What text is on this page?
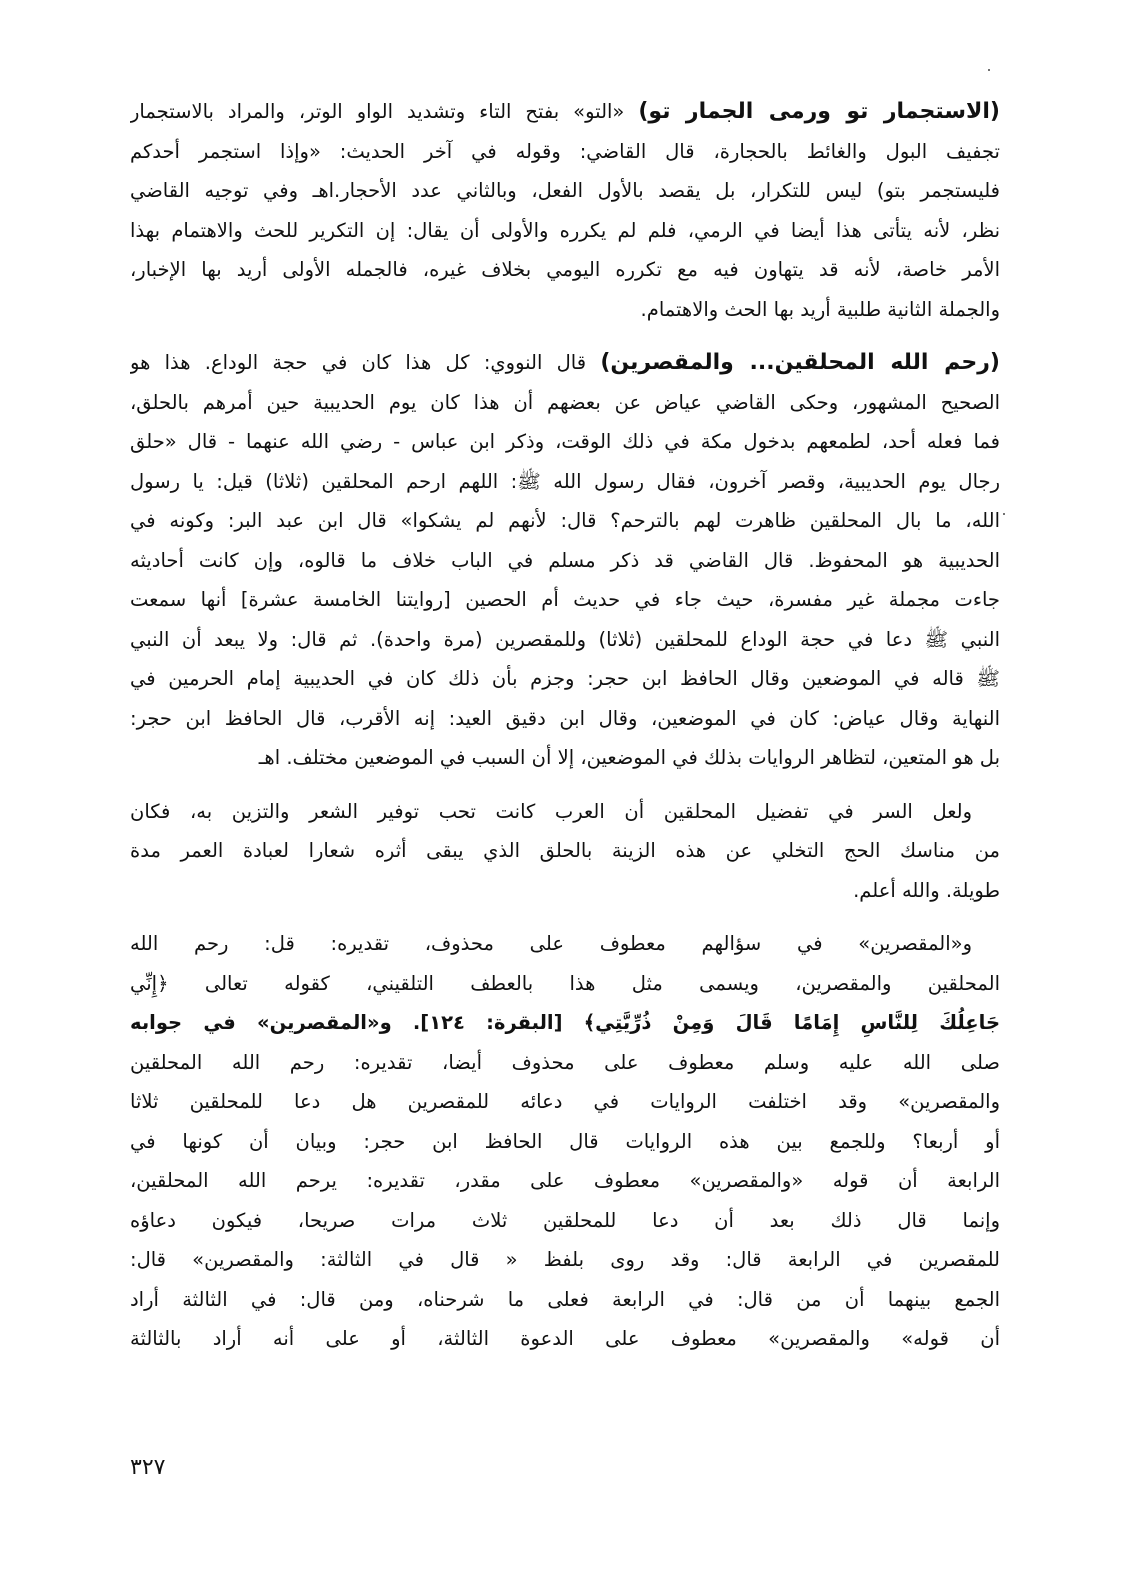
(الاستجمار تو ورمى الجمار تو) «التو» بفتح التاء وتشديد الواو الوتر، والمراد بالاستجمار
تجفيف البول والغائط بالحجارة، قال القاضي: وقوله في آخر الحديث: «وإذا استجمر أحدكم
فليستجمر بتو) ليس للتكرار، بل يقصد بالأول الفعل، وبالثاني عدد الأحجار.اهـ وفي توجيه القاضي
نظر، لأنه يتأتى هذا أيضا في الرمي، فلم لم يكرره والأولى أن يقال: إن التكرير للحث والاهتمام بهذا
الأمر خاصة، لأنه قد يتهاون فيه مع تكرره اليومي بخلاف غيره، فالجمله الأولى أريد بها الإخبار،
والجملة الثانية طلبية أريد بها الحث والاهتمام.
(رحم الله المحلقين... والمقصرين) قال النووي: كل هذا كان في حجة الوداع. هذا هو
الصحيح المشهور، وحكى القاضي عياض عن بعضهم أن هذا كان يوم الحديبية حين أمرهم بالحلق،
فما فعله أحد، لطمعهم بدخول مكة في ذلك الوقت، وذكر ابن عباس - رضي الله عنهما - قال «حلق
رجال يوم الحديبية، وقصر آخرون، فقال رسول الله ﷺ: اللهم ارحم المحلقين (ثلاثا) قيل: يا رسول
الله، ما بال المحلقين ظاهرت لهم بالترحم؟ قال: لأنهم لم يشكوا» قال ابن عبد البر: وكونه في
الحديبية هو المحفوظ. قال القاضي قد ذكر مسلم في الباب خلاف ما قالوه، وإن كانت أحاديثه
جاءت مجملة غير مفسرة، حيث جاء في حديث أم الحصين [روايتنا الخامسة عشرة] أنها سمعت
النبي ﷺ دعا في حجة الوداع للمحلقين (ثلاثا) وللمقصرين (مرة واحدة). ثم قال: ولا يبعد أن النبي
ﷺ قاله في الموضعين وقال الحافظ ابن حجر: وجزم بأن ذلك كان في الحديبية إمام الحرمين في
النهاية وقال عياض: كان في الموضعين، وقال ابن دقيق العيد: إنه الأقرب، قال الحافظ ابن حجر:
بل هو المتعين، لتظاهر الروايات بذلك في الموضعين، إلا أن السبب في الموضعين مختلف. اهـ
ولعل السر في تفضيل المحلقين أن العرب كانت تحب توفير الشعر والتزين به، فكان
من مناسك الحج التخلي عن هذه الزينة بالحلق الذي يبقى أثره شعارا لعبادة العمر مدة
طويلة. والله أعلم.
و«المقصرين» في سؤالهم معطوف على محذوف، تقديره: قل: رحم الله
المحلقين والمقصرين، ويسمى مثل هذا بالعطف التلقيني، كقوله تعالى ﴿إِنِّي
جَاعِلُكَ لِلنَّاسِ إِمَامًا قَالَ وَمِنْ ذُرِّيَّتِي﴾ [البقرة: ١٢٤]. و«المقصرين» في جوابه
صلى الله عليه وسلم معطوف على محذوف أيضا، تقديره: رحم الله المحلقين
والمقصرين» وقد اختلفت الروايات في دعائه للمقصرين هل دعا للمحلقين ثلاثا
أو أربعا؟ وللجمع بين هذه الروايات قال الحافظ ابن حجر: وبيان أن كونها في
الرابعة أن قوله «والمقصرين» معطوف على مقدر، تقديره: يرحم الله المحلقين،
وإنما قال ذلك بعد أن دعا للمحلقين ثلاث مرات صريحا، فيكون دعاؤه
للمقصرين في الرابعة قال: وقد روى بلفظ « قال في الثالثة: والمقصرين» قال:
الجمع بينهما أن من قال: في الرابعة فعلى ما شرحناه، ومن قال: في الثالثة أراد
أن قوله» والمقصرين» معطوف على الدعوة الثالثة، أو على أنه أراد بالثالثة
٣٢٧
